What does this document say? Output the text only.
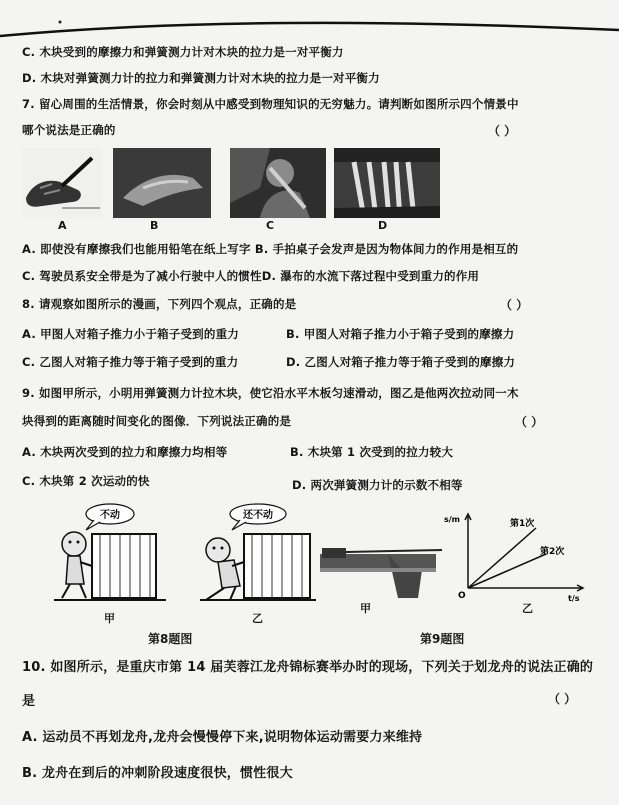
C. 木块受到的摩擦力和弹簧测力计对木块的拉力是一对平衡力
D. 木块对弹簧测力计的拉力和弹簧测力计对木块的拉力是一对平衡力
7. 留心周围的生活情景，你会时刻从中感受到物理知识的无穷魅力。请判断如图所示四个情景中
哪个说法是正确的	（ ）
A	B	C	D
A. 即使没有摩擦我们也能用铅笔在纸上写字 B. 手拍桌子会发声是因为物体间力的作用是相互的
C. 驾驶员系安全带是为了减小行驶中人的惯性D. 瀑布的水流下落过程中受到重力的作用
8. 请观察如图所示的漫画，下列四个观点，正确的是	（ ）
A. 甲图人对箱子推力小于箱子受到的重力	B. 甲图人对箱子推力小于箱子受到的摩擦力
C. 乙图人对箱子推力等于箱子受到的重力	D. 乙图人对箱子推力等于箱子受到的摩擦力
9. 如图甲所示，小明用弹簧测力计拉木块，使它沿水平木板匀速滑动，图乙是他两次拉动同一木
块得到的距离随时间变化的图像．下列说法正确的是	（ ）
A. 木块两次受到的拉力和摩擦力均相等	B. 木块第 1 次受到的拉力较大
C. 木块第 2 次运动的快	D. 两次弹簧测力计的示数不相等
不动	还不动	s/m
t/s
O
第1次
第2次
甲	乙
甲	乙
第8题图	第9题图
10. 如图所示，是重庆市第 14 届芙蓉江龙舟锦标赛举办时的现场，下列关于划龙舟的说法正确的
是	（ ）
A. 运动员不再划龙舟,龙舟会慢慢停下来,说明物体运动需要力来维持
B. 龙舟在到后的冲刺阶段速度很快，惯性很大
